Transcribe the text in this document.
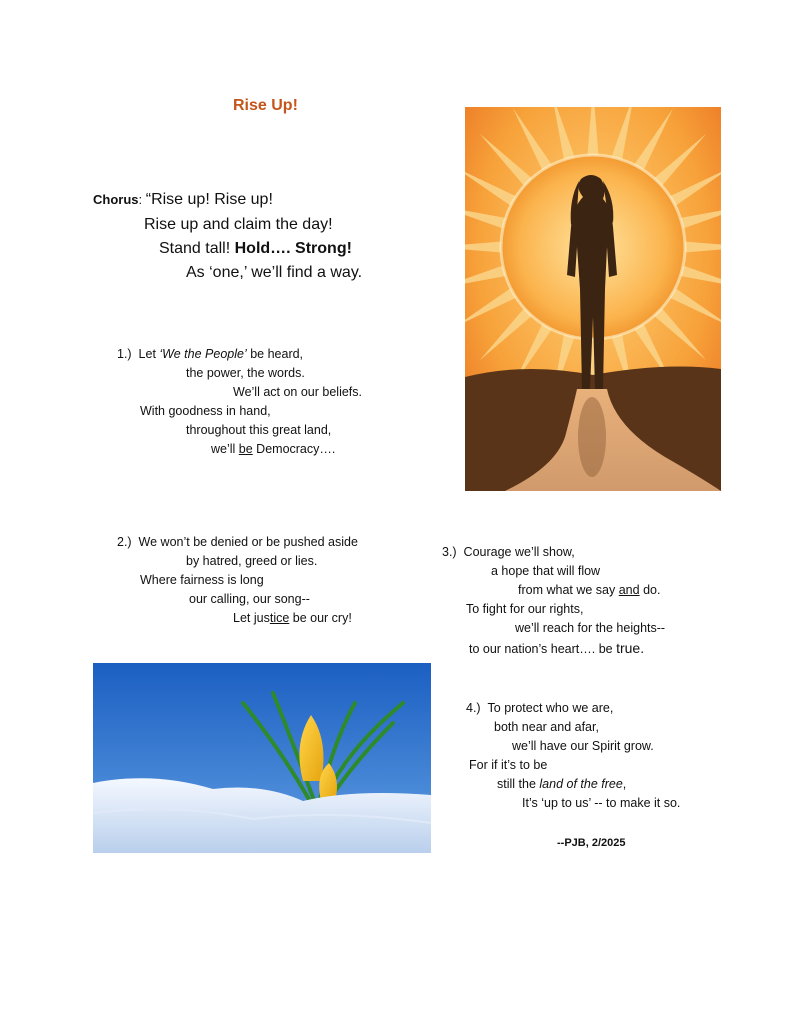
Rise Up!
Chorus: “Rise up! Rise up!
Rise up and claim the day!
Stand tall! Hold…. Strong!
As ‘one,’ we’ll find a way.
1.) Let ‘We the People’ be heard,
the power, the words.
We’ll act on our beliefs.
With goodness in hand,
throughout this great land,
we’ll be Democracy….
2.) We won’t be denied or be pushed aside
by hatred, greed or lies.
Where fairness is long
our calling, our song--
Let justice be our cry!
3.) Courage we’ll show,
a hope that will flow
from what we say and do.
To fight for our rights,
we’ll reach for the heights--
to our nation’s heart…. be true.
4.) To protect who we are,
both near and afar,
we’ll have our Spirit grow.
For if it’s to be
still the land of the free,
It’s ‘up to us’ -- to make it so.
--PJB, 2/2025
